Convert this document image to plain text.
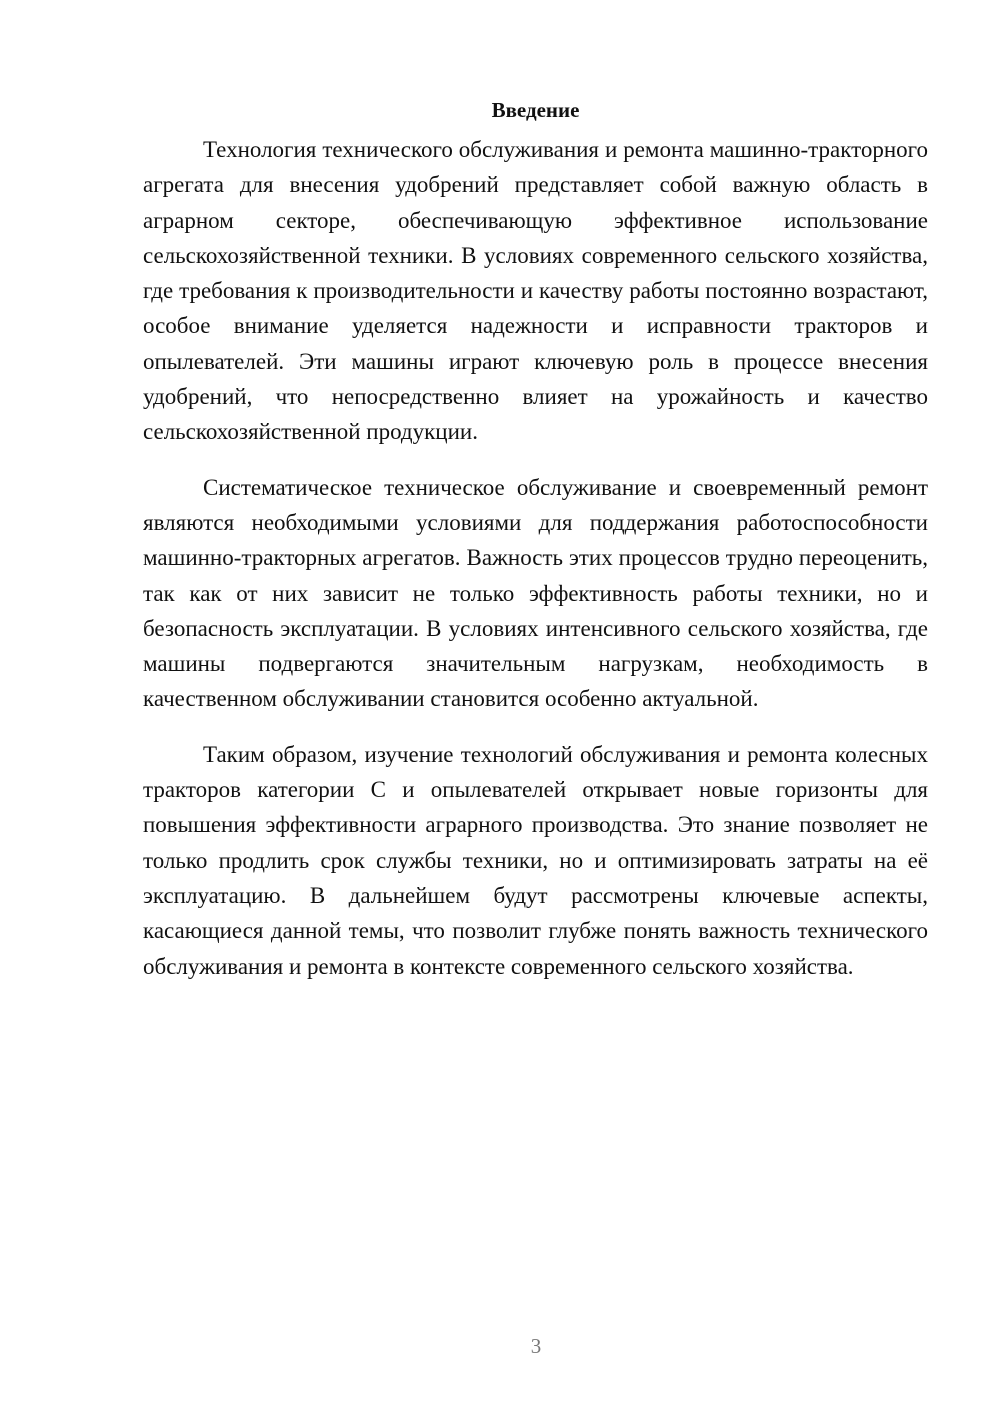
Введение

Технология технического обслуживания и ремонта машинно-тракторного агрегата для внесения удобрений представляет собой важную область в аграрном секторе, обеспечивающую эффективное использование сельскохозяйственной техники. В условиях современного сельского хозяйства, где требования к производительности и качеству работы постоянно возрастают, особое внимание уделяется надежности и исправности тракторов и опылевателей. Эти машины играют ключевую роль в процессе внесения удобрений, что непосредственно влияет на урожайность и качество сельскохозяйственной продукции.

Систематическое техническое обслуживание и своевременный ремонт являются необходимыми условиями для поддержания работоспособности машинно-тракторных агрегатов. Важность этих процессов трудно переоценить, так как от них зависит не только эффективность работы техники, но и безопасность эксплуатации. В условиях интенсивного сельского хозяйства, где машины подвергаются значительным нагрузкам, необходимость в качественном обслуживании становится особенно актуальной.

Таким образом, изучение технологий обслуживания и ремонта колесных тракторов категории С и опылевателей открывает новые горизонты для повышения эффективности аграрного производства. Это знание позволяет не только продлить срок службы техники, но и оптимизировать затраты на её эксплуатацию. В дальнейшем будут рассмотрены ключевые аспекты, касающиеся данной темы, что позволит глубже понять важность технического обслуживания и ремонта в контексте современного сельского хозяйства.

3
